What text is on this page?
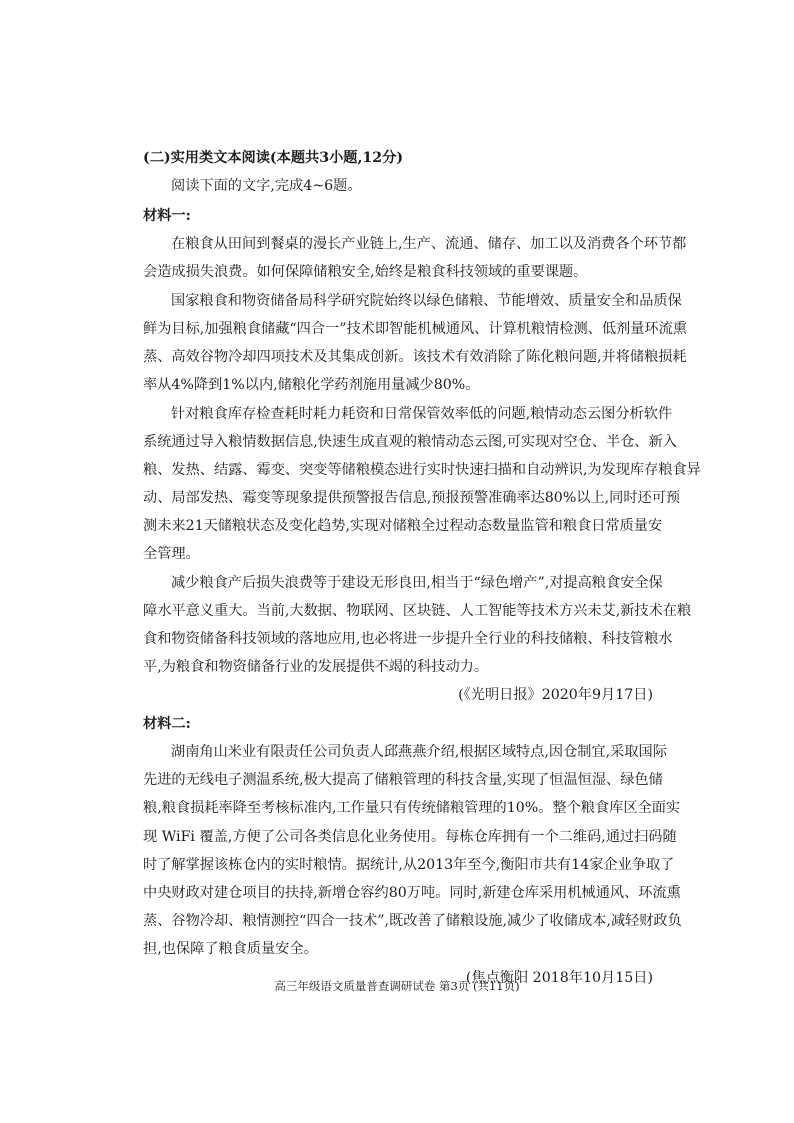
(二)实用类文本阅读(本题共3小题,12分)
阅读下面的文字,完成4~6题。
材料一:
在粮食从田间到餐桌的漫长产业链上,生产、流通、储存、加工以及消费各个环节都
会造成损失浪费。如何保障储粮安全,始终是粮食科技领域的重要课题。
国家粮食和物资储备局科学研究院始终以绿色储粮、节能增效、质量安全和品质保
鲜为目标,加强粮食储藏“四合一”技术即智能机械通风、计算机粮情检测、低剂量环流熏
蒸、高效谷物冷却四项技术及其集成创新。该技术有效消除了陈化粮问题,并将储粮损耗
率从4%降到1%以内,储粮化学药剂施用量减少80%。
针对粮食库存检查耗时耗力耗资和日常保管效率低的问题,粮情动态云图分析软件
系统通过导入粮情数据信息,快速生成直观的粮情动态云图,可实现对空仓、半仓、新入
粮、发热、结露、霉变、突变等储粮模态进行实时快速扫描和自动辨识,为发现库存粮食异
动、局部发热、霉变等现象提供预警报告信息,预报预警准确率达80%以上,同时还可预
测未来21天储粮状态及变化趋势,实现对储粮全过程动态数量监管和粮食日常质量安
全管理。
减少粮食产后损失浪费等于建设无形良田,相当于“绿色增产”,对提高粮食安全保
障水平意义重大。当前,大数据、物联网、区块链、人工智能等技术方兴未艾,新技术在粮
食和物资储备科技领域的落地应用,也必将进一步提升全行业的科技储粮、科技管粮水
平,为粮食和物资储备行业的发展提供不竭的科技动力。
(《光明日报》2020年9月17日)
材料二:
湖南角山米业有限责任公司负责人邱燕燕介绍,根据区域特点,因仓制宜,采取国际
先进的无线电子测温系统,极大提高了储粮管理的科技含量,实现了恒温恒湿、绿色储
粮,粮食损耗率降至考核标准内,工作量只有传统储粮管理的10%。整个粮食库区全面实
现 WiFi 覆盖,方便了公司各类信息化业务使用。每栋仓库拥有一个二维码,通过扫码随
时了解掌握该栋仓内的实时粮情。据统计,从2013年至今,衡阳市共有14家企业争取了
中央财政对建仓项目的扶持,新增仓容约80万吨。同时,新建仓库采用机械通风、环流熏
蒸、谷物冷却、粮情测控“四合一技术”,既改善了储粮设施,减少了收储成本,减轻财政负
担,也保障了粮食质量安全。
(焦点衡阳 2018年10月15日)
高三年级语文质量普查调研试卷 第3页 (共11页)
